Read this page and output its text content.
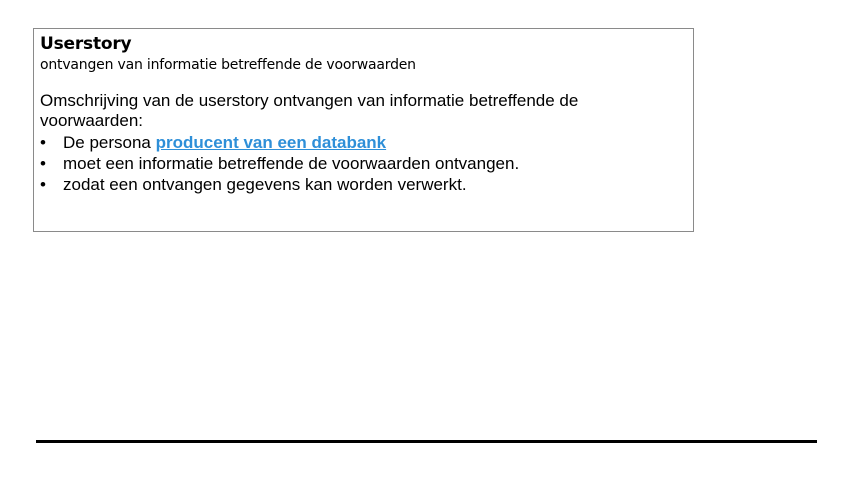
Userstory
ontvangen van informatie betreffende de voorwaarden
Omschrijving van de userstory ontvangen van informatie betreffende de voorwaarden:
• De persona producent van een databank
• moet een informatie betreffende de voorwaarden ontvangen.
• zodat een ontvangen gegevens kan worden verwerkt.
